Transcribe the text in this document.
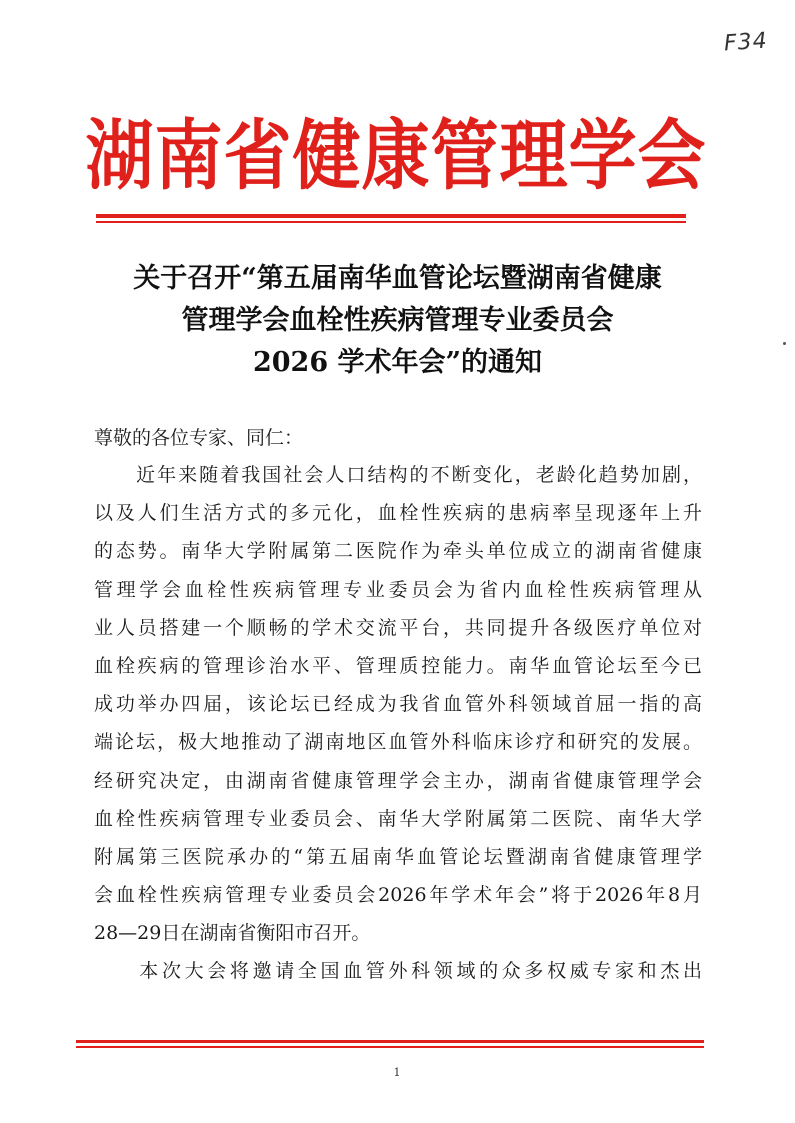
F34
湖南省健康管理学会
关于召开“第五届南华血管论坛暨湖南省健康
管理学会血栓性疾病管理专业委员会
2026 学术年会”的通知
尊敬的各位专家、同仁：
　　近年来随着我国社会人口结构的不断变化，老龄化趋势加剧，
以及人们生活方式的多元化，血栓性疾病的患病率呈现逐年上升
的态势。南华大学附属第二医院作为牵头单位成立的湖南省健康
管理学会血栓性疾病管理专业委员会为省内血栓性疾病管理从
业人员搭建一个顺畅的学术交流平台，共同提升各级医疗单位对
血栓疾病的管理诊治水平、管理质控能力。南华血管论坛至今已
成功举办四届，该论坛已经成为我省血管外科领域首屈一指的高
端论坛，极大地推动了湖南地区血管外科临床诊疗和研究的发展。
经研究决定，由湖南省健康管理学会主办，湖南省健康管理学会
血栓性疾病管理专业委员会、南华大学附属第二医院、南华大学
附属第三医院承办的“第五届南华血管论坛暨湖南省健康管理学
会血栓性疾病管理专业委员会2026年学术年会”将于2026年8月
28—29日在湖南省衡阳市召开。
　　本次大会将邀请全国血管外科领域的众多权威专家和杰出
1
